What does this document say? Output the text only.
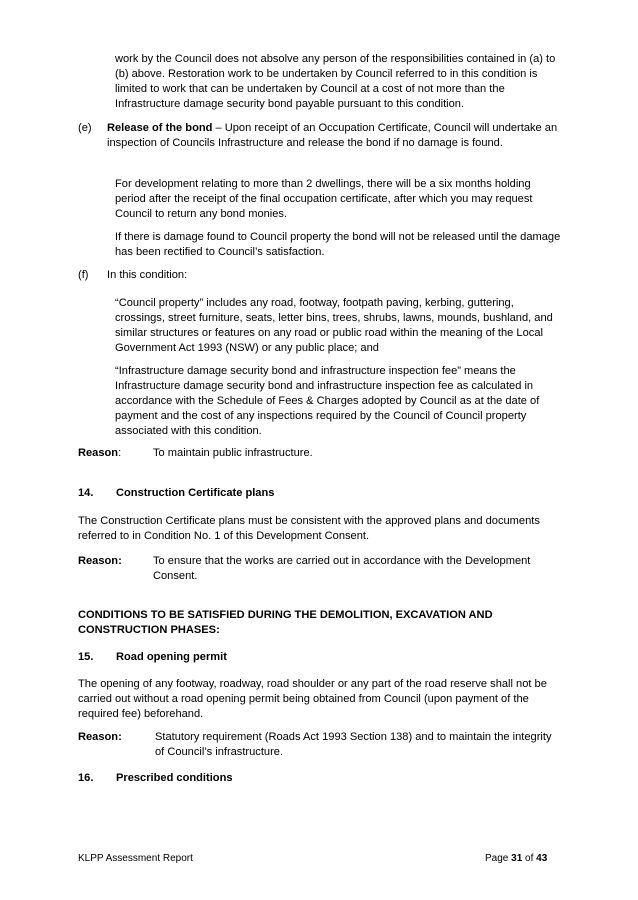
work by the Council does not absolve any person of the responsibilities contained in (a) to (b) above. Restoration work to be undertaken by Council referred to in this condition is limited to work that can be undertaken by Council at a cost of not more than the Infrastructure damage security bond payable pursuant to this condition.

(e) Release of the bond – Upon receipt of an Occupation Certificate, Council will undertake an inspection of Councils Infrastructure and release the bond if no damage is found.

For development relating to more than 2 dwellings, there will be a six months holding period after the receipt of the final occupation certificate, after which you may request Council to return any bond monies.

If there is damage found to Council property the bond will not be released until the damage has been rectified to Council’s satisfaction.

(f) In this condition:

“Council property” includes any road, footway, footpath paving, kerbing, guttering, crossings, street furniture, seats, letter bins, trees, shrubs, lawns, mounds, bushland, and similar structures or features on any road or public road within the meaning of the Local Government Act 1993 (NSW) or any public place; and

“Infrastructure damage security bond and infrastructure inspection fee” means the Infrastructure damage security bond and infrastructure inspection fee as calculated in accordance with the Schedule of Fees & Charges adopted by Council as at the date of payment and the cost of any inspections required by the Council of Council property associated with this condition.

Reason:	To maintain public infrastructure.

14. Construction Certificate plans

The Construction Certificate plans must be consistent with the approved plans and documents referred to in Condition No. 1 of this Development Consent.

Reason:	To ensure that the works are carried out in accordance with the Development Consent.

CONDITIONS TO BE SATISFIED DURING THE DEMOLITION, EXCAVATION AND CONSTRUCTION PHASES:

15. Road opening permit

The opening of any footway, roadway, road shoulder or any part of the road reserve shall not be carried out without a road opening permit being obtained from Council (upon payment of the required fee) beforehand.

Reason:	Statutory requirement (Roads Act 1993 Section 138) and to maintain the integrity of Council’s infrastructure.

16. Prescribed conditions
KLPP Assessment Report	Page 31 of 43
